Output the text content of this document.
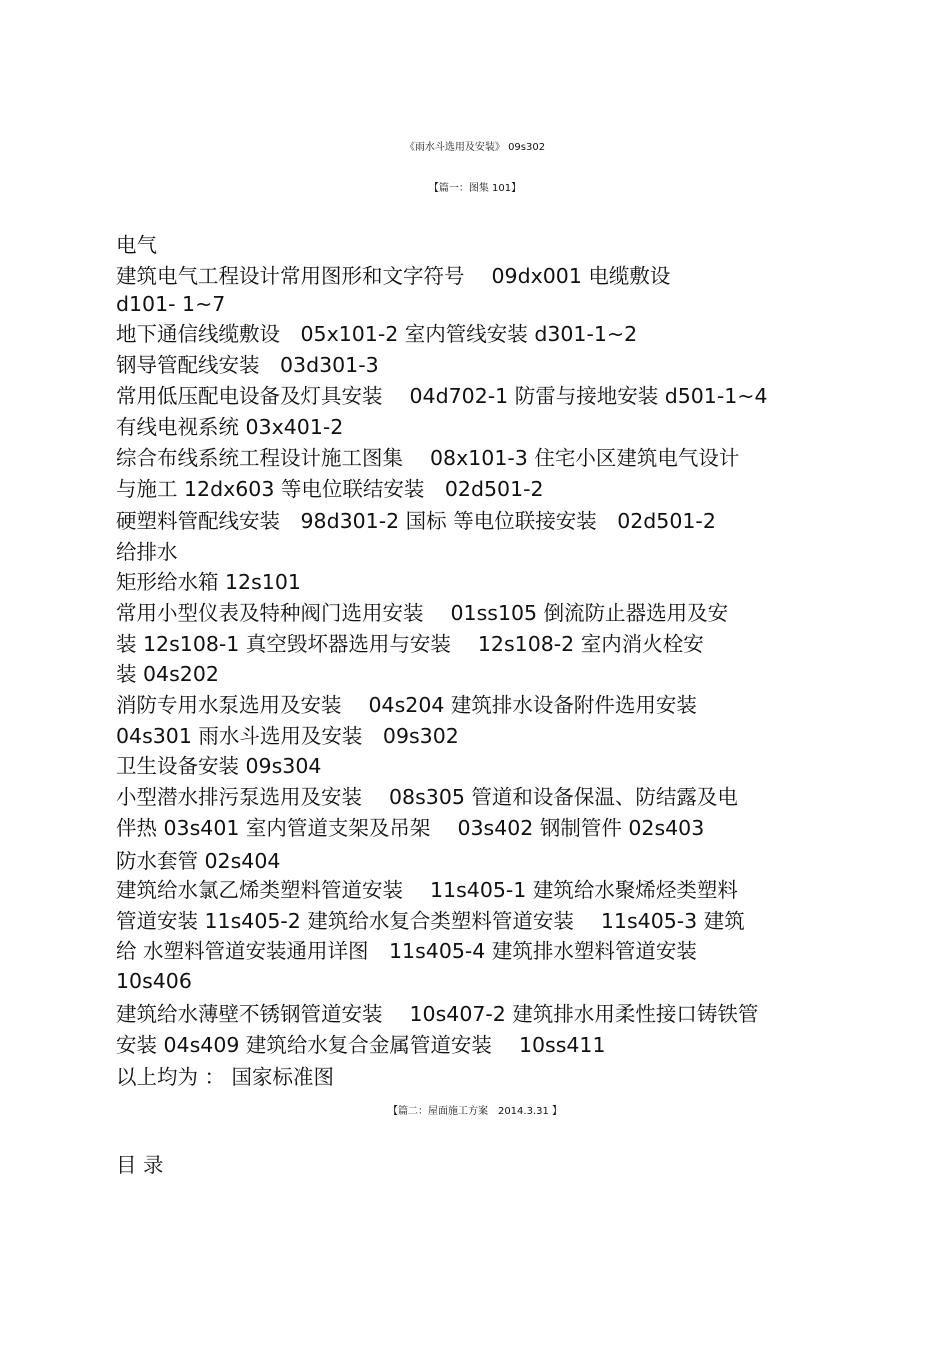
《雨水斗选用及安装》 09s302
【篇一：图集 101】
电气
建筑电气工程设计常用图形和文字符号　 09dx001 电缆敷设
d101- 1~7
地下通信线缆敷设　05x101-2 室内管线安装 d301-1~2
钢导管配线安装　03d301-3
常用低压配电设备及灯具安装　 04d702-1 防雷与接地安装 d501-1~4
有线电视系统 03x401-2
综合布线系统工程设计施工图集　 08x101-3 住宅小区建筑电气设计
与施工 12dx603 等电位联结安装　02d501-2
硬塑料管配线安装　98d301-2 国标 等电位联接安装　02d501-2
给排水
矩形给水箱 12s101
常用小型仪表及特种阀门选用安装　 01ss105 倒流防止器选用及安
装 12s108-1 真空毁坏器选用与安装　 12s108-2 室内消火栓安
装 04s202
消防专用水泵选用及安装　 04s204 建筑排水设备附件选用安装
04s301 雨水斗选用及安装　09s302
卫生设备安装 09s304
小型潜水排污泵选用及安装　 08s305 管道和设备保温、防结露及电
伴热 03s401 室内管道支架及吊架　 03s402 钢制管件 02s403
防水套管 02s404
建筑给水氯乙烯类塑料管道安装　 11s405-1 建筑给水聚烯烃类塑料
管道安装 11s405-2 建筑给水复合类塑料管道安装　 11s405-3 建筑
给 水塑料管道安装通用详图　11s405-4 建筑排水塑料管道安装
10s406
建筑给水薄壁不锈钢管道安装　 10s407-2 建筑排水用柔性接口铸铁管
安装 04s409 建筑给水复合金属管道安装　 10ss411
以上均为 ： 国家标准图
【篇二：屋面施工方案　2014.3.31 】
目 录
